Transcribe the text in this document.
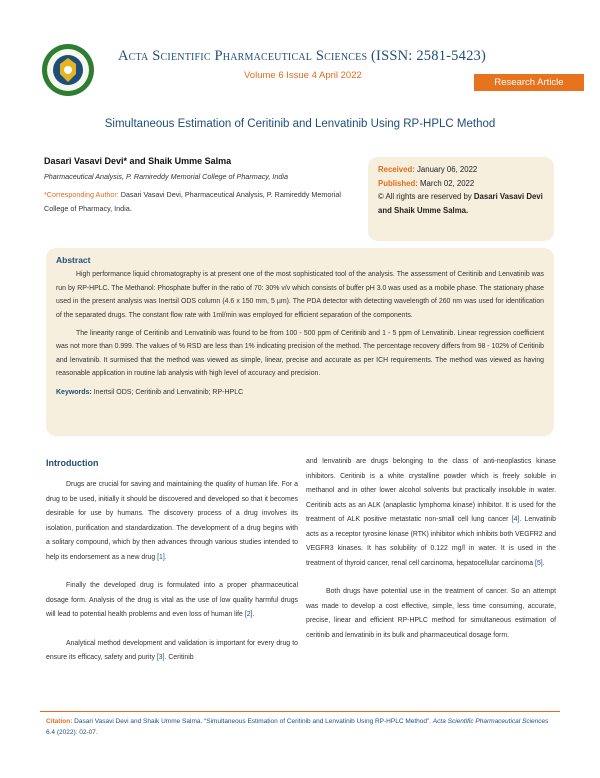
Acta Scientific Pharmaceutical Sciences (ISSN: 2581-5423)
Volume 6 Issue 4 April 2022
Research Article
Simultaneous Estimation of Ceritinib and Lenvatinib Using RP-HPLC Method
Dasari Vasavi Devi* and Shaik Umme Salma
Pharmaceutical Analysis, P. Ramireddy Memorial College of Pharmacy, India
*Corresponding Author: Dasari Vasavi Devi, Pharmaceutical Analysis, P. Ramireddy Memorial College of Pharmacy, India.
Received: January 06, 2022
Published: March 02, 2022
© All rights are reserved by Dasari Vasavi Devi and Shaik Umme Salma.
Abstract

High performance liquid chromatography is at present one of the most sophisticated tool of the analysis. The assessment of Ceritinib and Lenvatinib was run by RP-HPLC. The Methanol: Phosphate buffer in the ratio of 70: 30% v/v which consists of buffer pH 3.0 was used as a mobile phase. The stationary phase used in the present analysis was Inertsil ODS column (4.6 x 150 mm, 5 µm). The PDA detector with detecting wavelength of 260 nm was used for identification of the separated drugs. The constant flow rate with 1ml/min was employed for efficient separation of the components.

The linearity range of Ceritinib and Lenvatinib was found to be from 100 - 500 ppm of Ceritinib and 1 - 5 ppm of Lenvatinib. Linear regression coefficient was not more than 0.999. The values of % RSD are less than 1% indicating precision of the method. The percentage recovery differs from 98 - 102% of Ceritinib and lenvatinib. It surmised that the method was viewed as simple, linear, precise and accurate as per ICH requirements. The method was viewed as having reasonable application in routine lab analysis with high level of accuracy and precision.

Keywords: Inertsil ODS; Ceritinib and Lenvatinib; RP-HPLC
Introduction

Drugs are crucial for saving and maintaining the quality of human life. For a drug to be used, initially it should be discovered and developed so that it becomes desirable for use by humans. The discovery process of a drug involves its isolation, purification and standardization. The development of a drug begins with a solitary compound, which by then advances through various studies intended to help its endorsement as a new drug [1].

Finally the developed drug is formulated into a proper pharmaceutical dosage form. Analysis of the drug is vital as the use of low quality harmful drugs will lead to potential health problems and even loss of human life [2].

Analytical method development and validation is important for every drug to ensure its efficacy, safety and purity [3]. Ceritinib

and lenvatinib are drugs belonging to the class of anti-neoplastics kinase inhibitors. Ceritinib is a white crystalline powder which is freely soluble in methanol and in other lower alcohol solvents but practically insoluble in water. Ceritinib acts as an ALK (anaplastic lymphoma kinase) inhibitor. It is used for the treatment of ALK positive metastatic non-small cell lung cancer [4]. Lenvatinib acts as a receptor tyrosine kinase (RTK) inhibitor which inhibits both VEGFR2 and VEGFR3 kinases. It has solubility of 0.122 mg/l in water. It is used in the treatment of thyroid cancer, renal cell carcinoma, hepatocellular carcinoma [5].

Both drugs have potential use in the treatment of cancer. So an attempt was made to develop a cost effective, simple, less time consuming, accurate, precise, linear and efficient RP-HPLC method for simultaneous estimation of ceritinib and lenvatinib in its bulk and pharmaceutical dosage form.

Citation: Dasari Vasavi Devi and Shaik Umme Salma. “Simultaneous Estimation of Ceritinib and Lenvatinib Using RP-HPLC Method”. Acta Scientific Pharmaceutical Sciences 6.4 (2022): 02-07.
